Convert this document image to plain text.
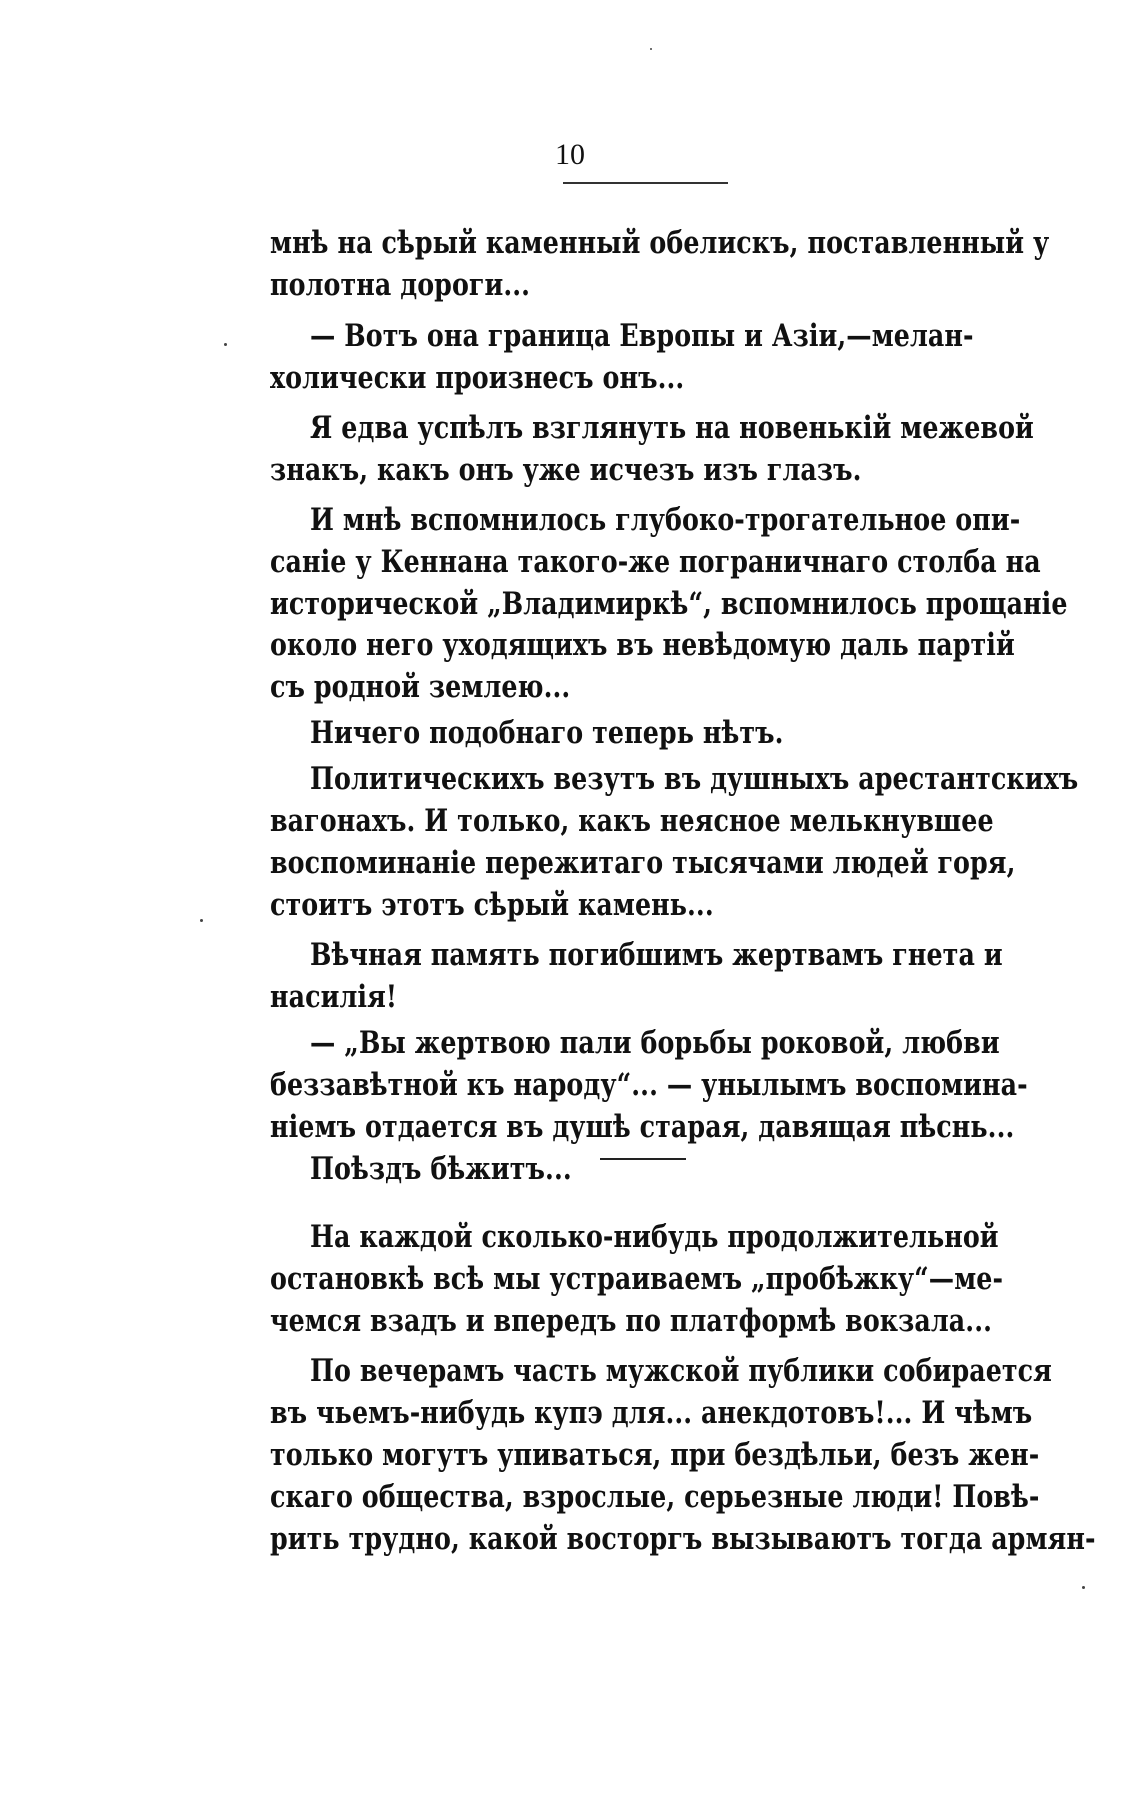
10
мнѣ на сѣрый каменный обелискъ, поставленный у
полотна дороги...
— Вотъ она граница Европы и Азіи,—мелан-
холически произнесъ онъ...
Я едва успѣлъ взглянуть на новенькій межевой
знакъ, какъ онъ уже исчезъ изъ глазъ.
И мнѣ вспомнилось глубоко-трогательное опи-
саніе у Кеннана такого-же пограничнаго столба на
исторической „Владимиркѣ“, вспомнилось прощаніе
около него уходящихъ въ невѣдомую даль партій
съ родной землею...
Ничего подобнаго теперь нѣтъ.
Политическихъ везутъ въ душныхъ арестантскихъ
вагонахъ. И только, какъ неясное мелькнувшее
воспоминаніе пережитаго тысячами людей горя,
стоитъ этотъ сѣрый камень...
Вѣчная память погибшимъ жертвамъ гнета и
насилія!
— „Вы жертвою пали борьбы роковой, любви
беззавѣтной къ народу“... — унылымъ воспомина-
ніемъ отдается въ душѣ старая, давящая пѣснь...
Поѣздъ бѣжитъ...
На каждой сколько-нибудь продолжительной
остановкѣ всѣ мы устраиваемъ „пробѣжку“—ме-
чемся взадъ и впередъ по платформѣ вокзала...
По вечерамъ часть мужской публики собирается
въ чьемъ-нибудь купэ для... анекдотовъ!... И чѣмъ
только могутъ упиваться, при бездѣльи, безъ жен-
скаго общества, взрослые, серьезные люди! Повѣ-
рить трудно, какой восторгъ вызываютъ тогда армян-
